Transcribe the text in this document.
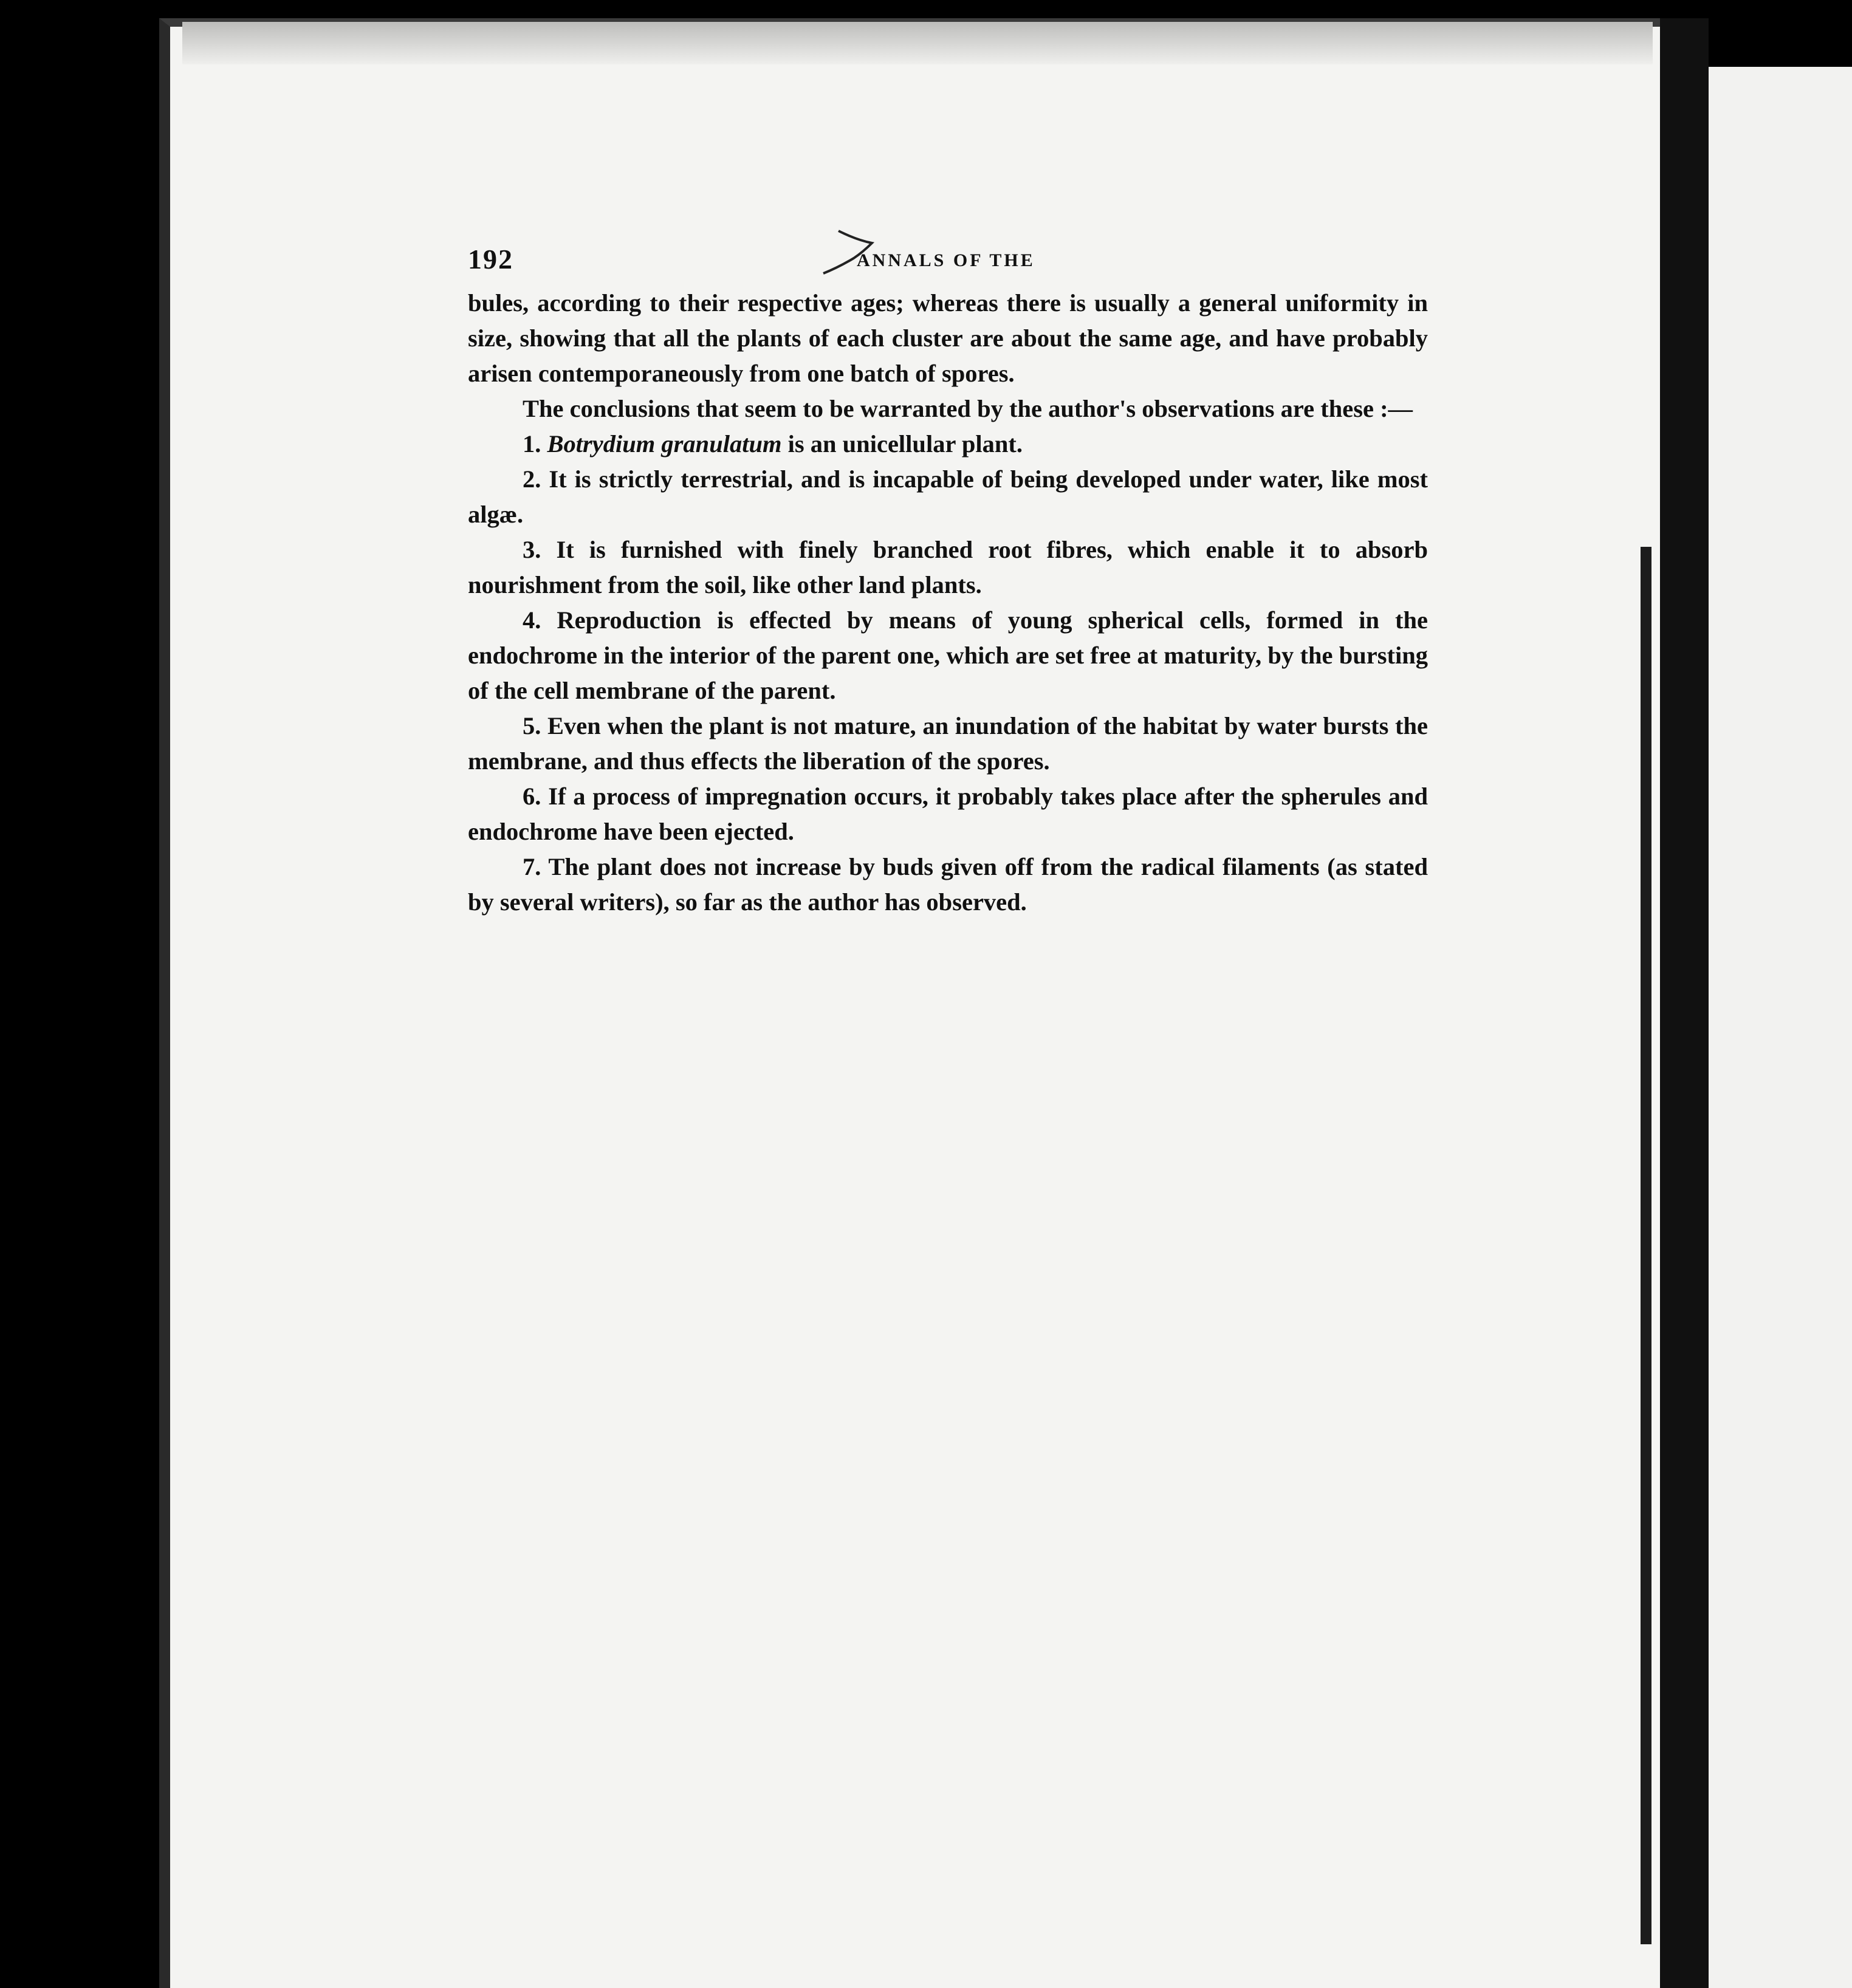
192	ANNALS OF THE

bules, according to their respective ages; whereas there is usually a general uniformity in size, showing that all the plants of each cluster are about the same age, and have probably arisen contemporaneously from one batch of spores.

The conclusions that seem to be warranted by the author's observations are these :—

1. Botrydium granulatum is an unicellular plant.

2. It is strictly terrestrial, and is incapable of being developed under water, like most algæ.

3. It is furnished with finely branched root fibres, which enable it to absorb nourishment from the soil, like other land plants.

4. Reproduction is effected by means of young spherical cells, formed in the endochrome in the interior of the parent one, which are set free at maturity, by the bursting of the cell membrane of the parent.

5. Even when the plant is not mature, an inundation of the habitat by water bursts the membrane, and thus effects the liberation of the spores.

6. If a process of impregnation occurs, it probably takes place after the spherules and endochrome have been ejected.

7. The plant does not increase by buds given off from the radical filaments (as stated by several writers), so far as the author has observed.
